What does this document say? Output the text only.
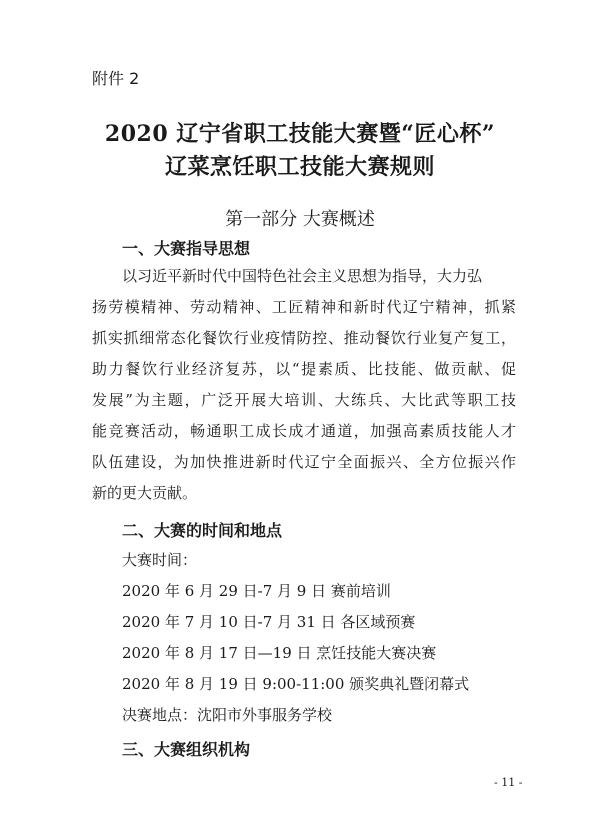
附件 2
2020 辽宁省职工技能大赛暨“匠心杯”
辽菜烹饪职工技能大赛规则
第一部分 大赛概述
一、大赛指导思想
以习近平新时代中国特色社会主义思想为指导，大力弘
扬劳模精神、劳动精神、工匠精神和新时代辽宁精神，抓紧
抓实抓细常态化餐饮行业疫情防控、推动餐饮行业复产复工，
助力餐饮行业经济复苏，以“提素质、比技能、做贡献、促
发展”为主题，广泛开展大培训、大练兵、大比武等职工技
能竞赛活动，畅通职工成长成才通道，加强高素质技能人才
队伍建设，为加快推进新时代辽宁全面振兴、全方位振兴作
新的更大贡献。
二、大赛的时间和地点
大赛时间：
2020 年 6 月 29 日-7 月 9 日 赛前培训
2020 年 7 月 10 日-7 月 31 日 各区域预赛
2020 年 8 月 17 日—19 日 烹饪技能大赛决赛
2020 年 8 月 19 日 9:00-11:00 颁奖典礼暨闭幕式
决赛地点：沈阳市外事服务学校
三、大赛组织机构
- 11 -
